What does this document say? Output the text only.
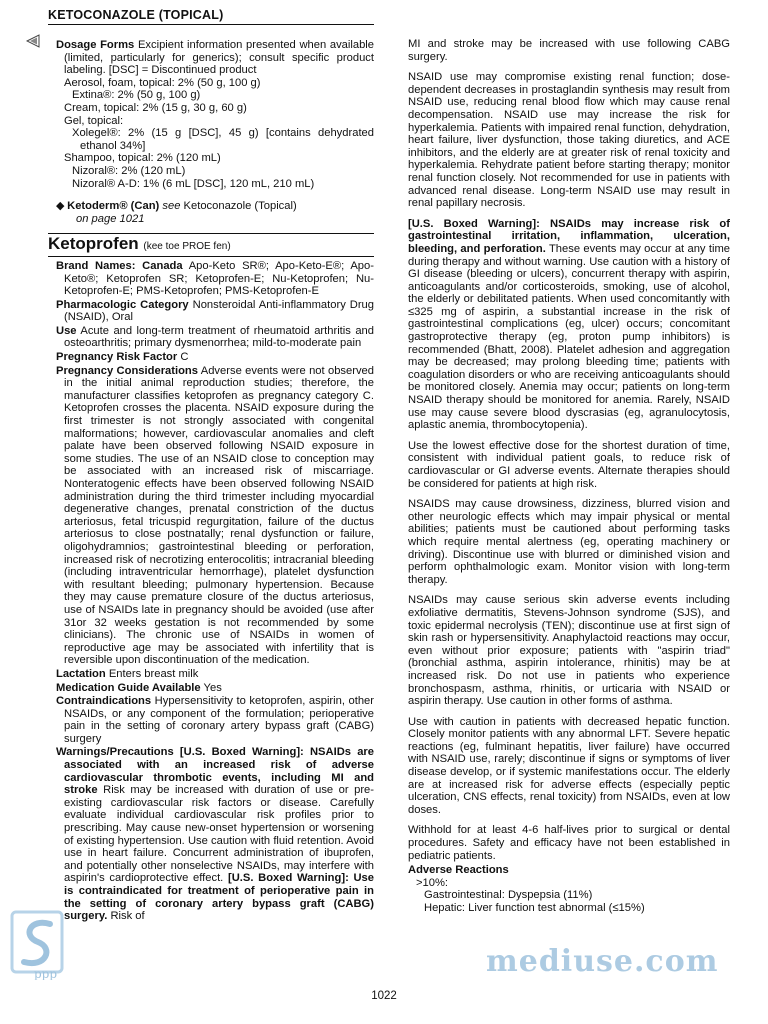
KETOCONAZOLE (TOPICAL)
Dosage Forms Excipient information presented when available (limited, particularly for generics); consult specific product labeling. [DSC] = Discontinued product
Aerosol, foam, topical: 2% (50 g, 100 g)
Extina®: 2% (50 g, 100 g)
Cream, topical: 2% (15 g, 30 g, 60 g)
Gel, topical:
Xolegel®: 2% (15 g [DSC], 45 g) [contains dehydrated ethanol 34%]
Shampoo, topical: 2% (120 mL)
Nizoral®: 2% (120 mL)
Nizoral® A-D: 1% (6 mL [DSC], 120 mL, 210 mL)
◆ Ketoderm® (Can) see Ketoconazole (Topical)
on page 1021
Ketoprofen (kee toe PROE fen)
Brand Names: Canada Apo-Keto SR®; Apo-Keto-E®; Apo-Keto®; Ketoprofen SR; Ketoprofen-E; Nu-Ketoprofen; Nu-Ketoprofen-E; PMS-Ketoprofen; PMS-Ketoprofen-E
Pharmacologic Category Nonsteroidal Anti-inflammatory Drug (NSAID), Oral
Use Acute and long-term treatment of rheumatoid arthritis and osteoarthritis; primary dysmenorrhea; mild-to-moderate pain
Pregnancy Risk Factor C
Pregnancy Considerations Adverse events were not observed in the initial animal reproduction studies; therefore, the manufacturer classifies ketoprofen as pregnancy category C. Ketoprofen crosses the placenta. NSAID exposure during the first trimester is not strongly associated with congenital malformations; however, cardiovascular anomalies and cleft palate have been observed following NSAID exposure in some studies. The use of an NSAID close to conception may be associated with an increased risk of miscarriage. Nonteratogenic effects have been observed following NSAID administration during the third trimester including myocardial degenerative changes, prenatal constriction of the ductus arteriosus, fetal tricuspid regurgitation, failure of the ductus arteriosus to close postnatally; renal dysfunction or failure, oligohydramnios; gastrointestinal bleeding or perforation, increased risk of necrotizing enterocolitis; intracranial bleeding (including intraventricular hemorrhage), platelet dysfunction with resultant bleeding; pulmonary hypertension. Because they may cause premature closure of the ductus arteriosus, use of NSAIDs late in pregnancy should be avoided (use after 31or 32 weeks gestation is not recommended by some clinicians). The chronic use of NSAIDs in women of reproductive age may be associated with infertility that is reversible upon discontinuation of the medication.
Lactation Enters breast milk
Medication Guide Available Yes
Contraindications Hypersensitivity to ketoprofen, aspirin, other NSAIDs, or any component of the formulation; perioperative pain in the setting of coronary artery bypass graft (CABG) surgery
Warnings/Precautions [U.S. Boxed Warning]: NSAIDs are associated with an increased risk of adverse cardiovascular thrombotic events, including MI and stroke Risk may be increased with duration of use or pre-existing cardiovascular risk factors or disease. Carefully evaluate individual cardiovascular risk profiles prior to prescribing. May cause new-onset hypertension or worsening of existing hypertension. Use caution with fluid retention. Avoid use in heart failure. Concurrent administration of ibuprofen, and potentially other nonselective NSAIDs, may interfere with aspirin's cardioprotective effect. [U.S. Boxed Warning]: Use is contraindicated for treatment of perioperative pain in the setting of coronary artery bypass graft (CABG) surgery. Risk of

MI and stroke may be increased with use following CABG surgery.

NSAID use may compromise existing renal function; dose-dependent decreases in prostaglandin synthesis may result from NSAID use, reducing renal blood flow which may cause renal decompensation. NSAID use may increase the risk for hyperkalemia. Patients with impaired renal function, dehydration, heart failure, liver dysfunction, those taking diuretics, and ACE inhibitors, and the elderly are at greater risk of renal toxicity and hyperkalemia. Rehydrate patient before starting therapy; monitor renal function closely. Not recommended for use in patients with advanced renal disease. Long-term NSAID use may result in renal papillary necrosis.

[U.S. Boxed Warning]: NSAIDs may increase risk of gastrointestinal irritation, inflammation, ulceration, bleeding, and perforation. These events may occur at any time during therapy and without warning. Use caution with a history of GI disease (bleeding or ulcers), concurrent therapy with aspirin, anticoagulants and/or corticosteroids, smoking, use of alcohol, the elderly or debilitated patients. When used concomitantly with ≤325 mg of aspirin, a substantial increase in the risk of gastrointestinal complications (eg, ulcer) occurs; concomitant gastroprotective therapy (eg, proton pump inhibitors) is recommended (Bhatt, 2008). Platelet adhesion and aggregation may be decreased; may prolong bleeding time; patients with coagulation disorders or who are receiving anticoagulants should be monitored closely. Anemia may occur; patients on long-term NSAID therapy should be monitored for anemia. Rarely, NSAID use may cause severe blood dyscrasias (eg, agranulocytosis, aplastic anemia, thrombocytopenia).

Use the lowest effective dose for the shortest duration of time, consistent with individual patient goals, to reduce risk of cardiovascular or GI adverse events. Alternate therapies should be considered for patients at high risk.

NSAIDS may cause drowsiness, dizziness, blurred vision and other neurologic effects which may impair physical or mental abilities; patients must be cautioned about performing tasks which require mental alertness (eg, operating machinery or driving). Discontinue use with blurred or diminished vision and perform ophthalmologic exam. Monitor vision with long-term therapy.

NSAIDs may cause serious skin adverse events including exfoliative dermatitis, Stevens-Johnson syndrome (SJS), and toxic epidermal necrolysis (TEN); discontinue use at first sign of skin rash or hypersensitivity. Anaphylactoid reactions may occur, even without prior exposure; patients with "aspirin triad" (bronchial asthma, aspirin intolerance, rhinitis) may be at increased risk. Do not use in patients who experience bronchospasm, asthma, rhinitis, or urticaria with NSAID or aspirin therapy. Use caution in other forms of asthma.

Use with caution in patients with decreased hepatic function. Closely monitor patients with any abnormal LFT. Severe hepatic reactions (eg, fulminant hepatitis, liver failure) have occurred with NSAID use, rarely; discontinue if signs or symptoms of liver disease develop, or if systemic manifestations occur. The elderly are at increased risk for adverse effects (especially peptic ulceration, CNS effects, renal toxicity) from NSAIDs, even at low doses.

Withhold for at least 4-6 half-lives prior to surgical or dental procedures. Safety and efficacy have not been established in pediatric patients.

Adverse Reactions
>10%:
Gastrointestinal: Dyspepsia (11%)
Hepatic: Liver function test abnormal (≤15%)
ppp	mediuse.com
1022
